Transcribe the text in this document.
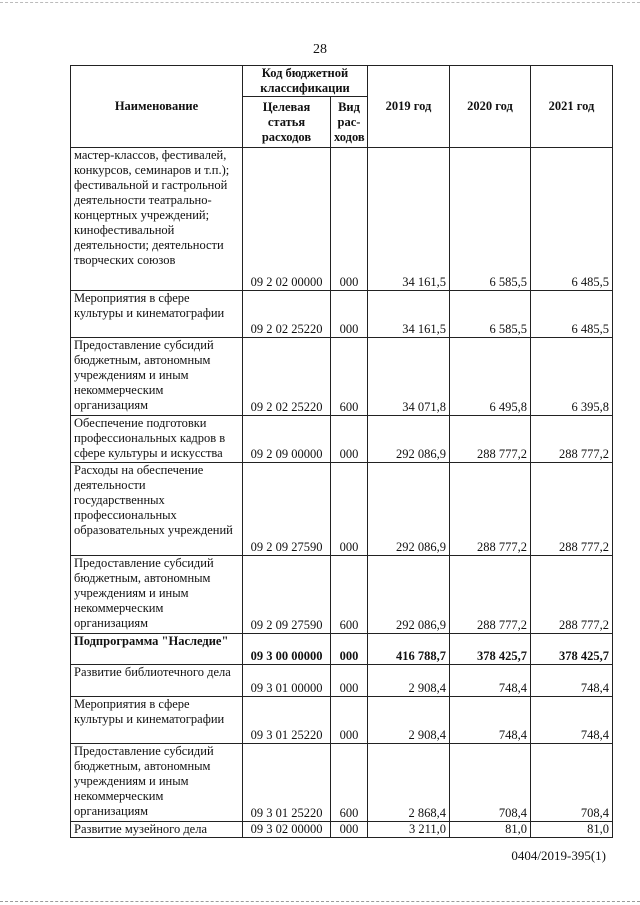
28
Наименование	Код бюджетной классификации		2019 год	2020 год	2021 год
	Целевая статья расходов	Вид рас-ходов			
мастер-классов, фестивалей, конкурсов, семинаров и т.п.); фестивальной и гастрольной деятельности театрально-концертных учреждений; кинофестивальной деятельности; деятельности творческих союзов	09 2 02 00000	000	34 161,5	6 585,5	6 485,5
Мероприятия в сфере культуры и кинематографии	09 2 02 25220	000	34 161,5	6 585,5	6 485,5
Предоставление субсидий бюджетным, автономным учреждениям и иным некоммерческим организациям	09 2 02 25220	600	34 071,8	6 495,8	6 395,8
Обеспечение подготовки профессиональных кадров в сфере культуры и искусства	09 2 09 00000	000	292 086,9	288 777,2	288 777,2
Расходы на обеспечение деятельности государственных профессиональных образовательных учреждений	09 2 09 27590	000	292 086,9	288 777,2	288 777,2
Предоставление субсидий бюджетным, автономным учреждениям и иным некоммерческим организациям	09 2 09 27590	600	292 086,9	288 777,2	288 777,2
Подпрограмма "Наследие"	09 3 00 00000	000	416 788,7	378 425,7	378 425,7
Развитие библиотечного дела	09 3 01 00000	000	2 908,4	748,4	748,4
Мероприятия в сфере культуры и кинематографии	09 3 01 25220	000	2 908,4	748,4	748,4
Предоставление субсидий бюджетным, автономным учреждениям и иным некоммерческим организациям	09 3 01 25220	600	2 868,4	708,4	708,4
Развитие музейного дела	09 3 02 00000	000	3 211,0	81,0	81,0
0404/2019-395(1)
